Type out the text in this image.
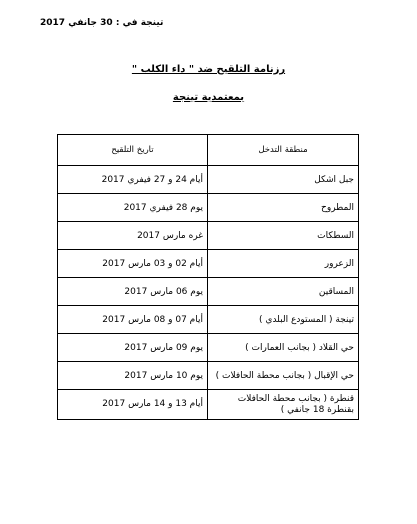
تينجة في : 30 جانفي 2017
رزنامة التلقيح ضد " داء الكلب "
بمعتمدية تينجة
تاريخ التلقيح	منطقة التدخل
أيام 24 و 27 فيفري 2017	جبل اشكل
يوم 28 فيفري 2017	المطروح
غره مارس 2017	السطكات
أيام 02 و 03 مارس 2017	الزعرور
يوم 06 مارس 2017	المساقين
أيام 07 و 08 مارس 2017	تينجة ( المستودع البلدي )
يوم 09 مارس 2017	حي القلاد ( بجانب العمارات )
يوم 10 مارس 2017	حي الإقبال ( بجانب محطة الحافلات )
أيام 13 و 14 مارس 2017	قنطرة ( بجانب محطة الحافلات بقنطرة 18 جانفي )
